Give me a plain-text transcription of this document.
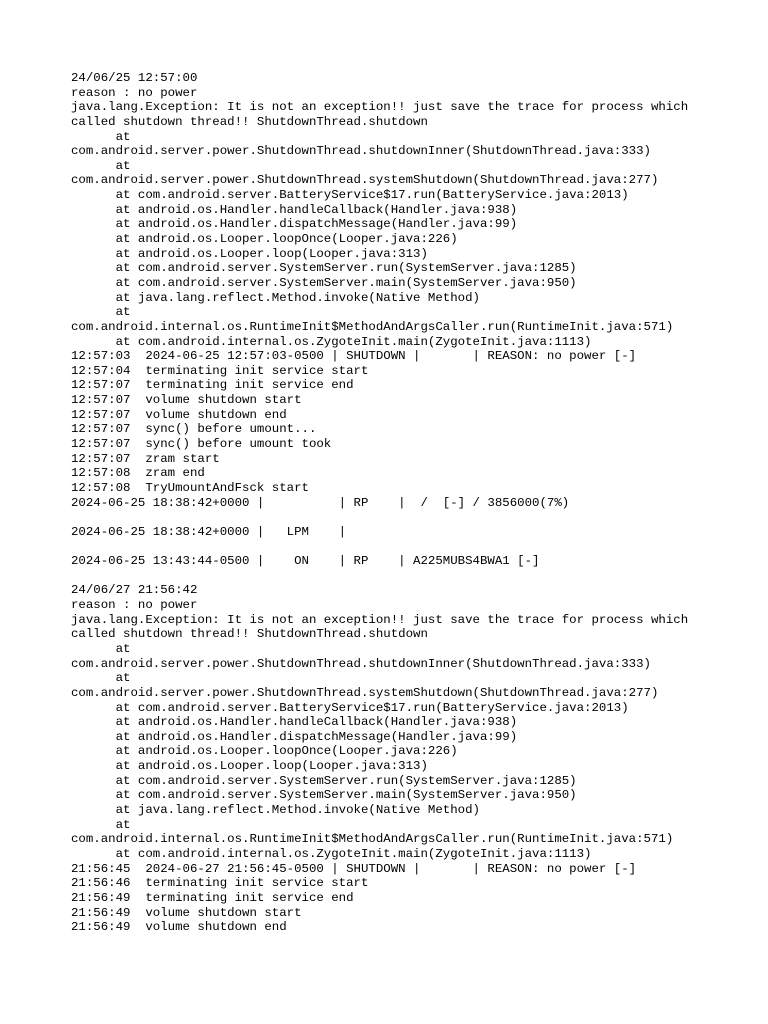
24/06/25 12:57:00
reason : no power
java.lang.Exception: It is not an exception!! just save the trace for process which
called shutdown thread!! ShutdownThread.shutdown
at
com.android.server.power.ShutdownThread.shutdownInner(ShutdownThread.java:333)
at
com.android.server.power.ShutdownThread.systemShutdown(ShutdownThread.java:277)
at com.android.server.BatteryService$17.run(BatteryService.java:2013)
at android.os.Handler.handleCallback(Handler.java:938)
at android.os.Handler.dispatchMessage(Handler.java:99)
at android.os.Looper.loopOnce(Looper.java:226)
at android.os.Looper.loop(Looper.java:313)
at com.android.server.SystemServer.run(SystemServer.java:1285)
at com.android.server.SystemServer.main(SystemServer.java:950)
at java.lang.reflect.Method.invoke(Native Method)
at
com.android.internal.os.RuntimeInit$MethodAndArgsCaller.run(RuntimeInit.java:571)
at com.android.internal.os.ZygoteInit.main(ZygoteInit.java:1113)
12:57:03  2024-06-25 12:57:03-0500 | SHUTDOWN |       | REASON: no power [-]
12:57:04  terminating init service start
12:57:07  terminating init service end
12:57:07  volume shutdown start
12:57:07  volume shutdown end
12:57:07  sync() before umount...
12:57:07  sync() before umount took
12:57:07  zram start
12:57:08  zram end
12:57:08  TryUmountAndFsck start
2024-06-25 18:38:42+0000 |          | RP    |  /  [-] / 3856000(7%)
2024-06-25 18:38:42+0000 |   LPM    |
2024-06-25 13:43:44-0500 |    ON    | RP    | A225MUBS4BWA1 [-]
24/06/27 21:56:42
reason : no power
java.lang.Exception: It is not an exception!! just save the trace for process which
called shutdown thread!! ShutdownThread.shutdown
at
com.android.server.power.ShutdownThread.shutdownInner(ShutdownThread.java:333)
at
com.android.server.power.ShutdownThread.systemShutdown(ShutdownThread.java:277)
at com.android.server.BatteryService$17.run(BatteryService.java:2013)
at android.os.Handler.handleCallback(Handler.java:938)
at android.os.Handler.dispatchMessage(Handler.java:99)
at android.os.Looper.loopOnce(Looper.java:226)
at android.os.Looper.loop(Looper.java:313)
at com.android.server.SystemServer.run(SystemServer.java:1285)
at com.android.server.SystemServer.main(SystemServer.java:950)
at java.lang.reflect.Method.invoke(Native Method)
at
com.android.internal.os.RuntimeInit$MethodAndArgsCaller.run(RuntimeInit.java:571)
at com.android.internal.os.ZygoteInit.main(ZygoteInit.java:1113)
21:56:45  2024-06-27 21:56:45-0500 | SHUTDOWN |       | REASON: no power [-]
21:56:46  terminating init service start
21:56:49  terminating init service end
21:56:49  volume shutdown start
21:56:49  volume shutdown end
